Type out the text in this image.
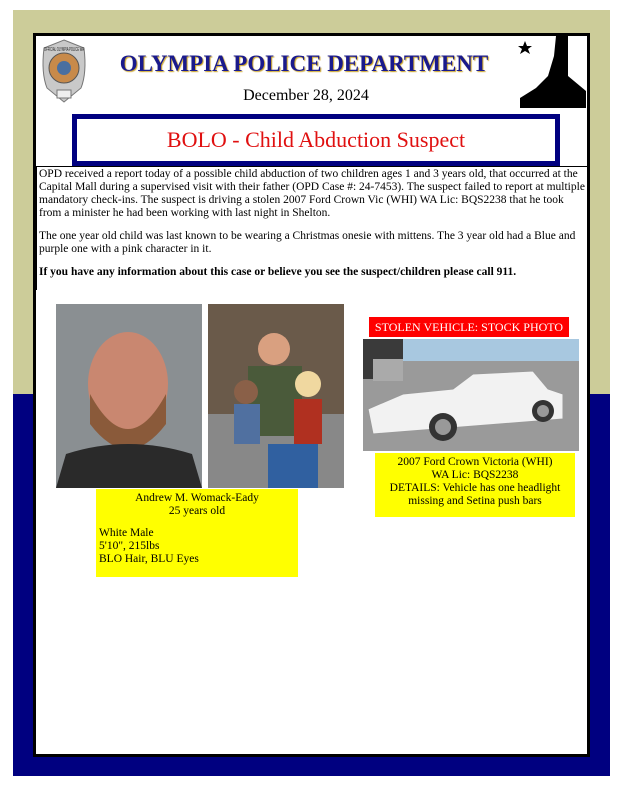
OFFICIAL OLYMPIA POLICE WA
OLYMPIA POLICE DEPARTMENT
December 28, 2024
BOLO - Child Abduction Suspect

OPD received a report today of a possible child abduction of two children ages 1 and 3 years old, that occurred at the Capital Mall during a supervised visit with their father (OPD Case #: 24-7453). The suspect failed to report at multiple mandatory check-ins. The suspect is driving a stolen 2007 Ford Crown Vic (WHI) WA Lic: BQS2238 that he took from a minister he had been working with last night in Shelton.

The one year old child was last known to be wearing a Christmas onesie with mittens. The 3 year old had a Blue and purple one with a pink character in it.

If you have any information about this case or believe you see the suspect/children please call 911.

Andrew M. Womack-Eady
25 years old
White Male
5'10", 215lbs
BLO Hair, BLU Eyes
STOLEN VEHICLE: STOCK PHOTO
2007 Ford Crown Victoria (WHI)
WA Lic: BQS2238
DETAILS: Vehicle has one headlight missing and Setina push bars
